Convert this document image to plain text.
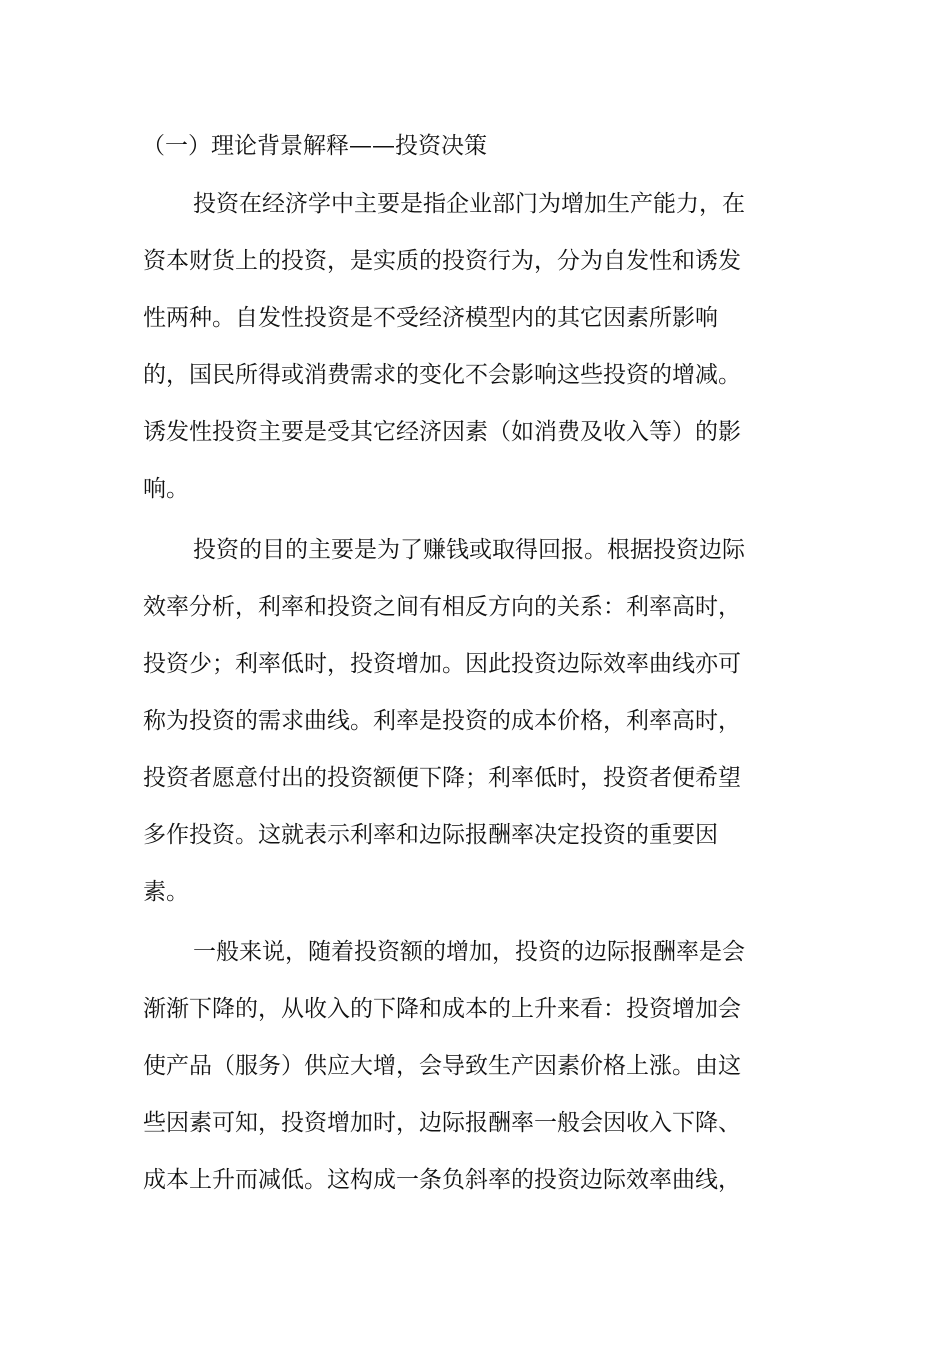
（一）理论背景解释——投资决策
投资在经济学中主要是指企业部门为增加生产能力，在
资本财货上的投资，是实质的投资行为，分为自发性和诱发
性两种。自发性投资是不受经济模型内的其它因素所影响
的，国民所得或消费需求的变化不会影响这些投资的增减。
诱发性投资主要是受其它经济因素（如消费及收入等）的影
响。
投资的目的主要是为了赚钱或取得回报。根据投资边际
效率分析，利率和投资之间有相反方向的关系：利率高时，
投资少；利率低时，投资增加。因此投资边际效率曲线亦可
称为投资的需求曲线。利率是投资的成本价格，利率高时，
投资者愿意付出的投资额便下降；利率低时，投资者便希望
多作投资。这就表示利率和边际报酬率决定投资的重要因
素。
一般来说，随着投资额的增加，投资的边际报酬率是会
渐渐下降的，从收入的下降和成本的上升来看：投资增加会
使产品（服务）供应大增，会导致生产因素价格上涨。由这
些因素可知，投资增加时，边际报酬率一般会因收入下降、
成本上升而减低。这构成一条负斜率的投资边际效率曲线，
